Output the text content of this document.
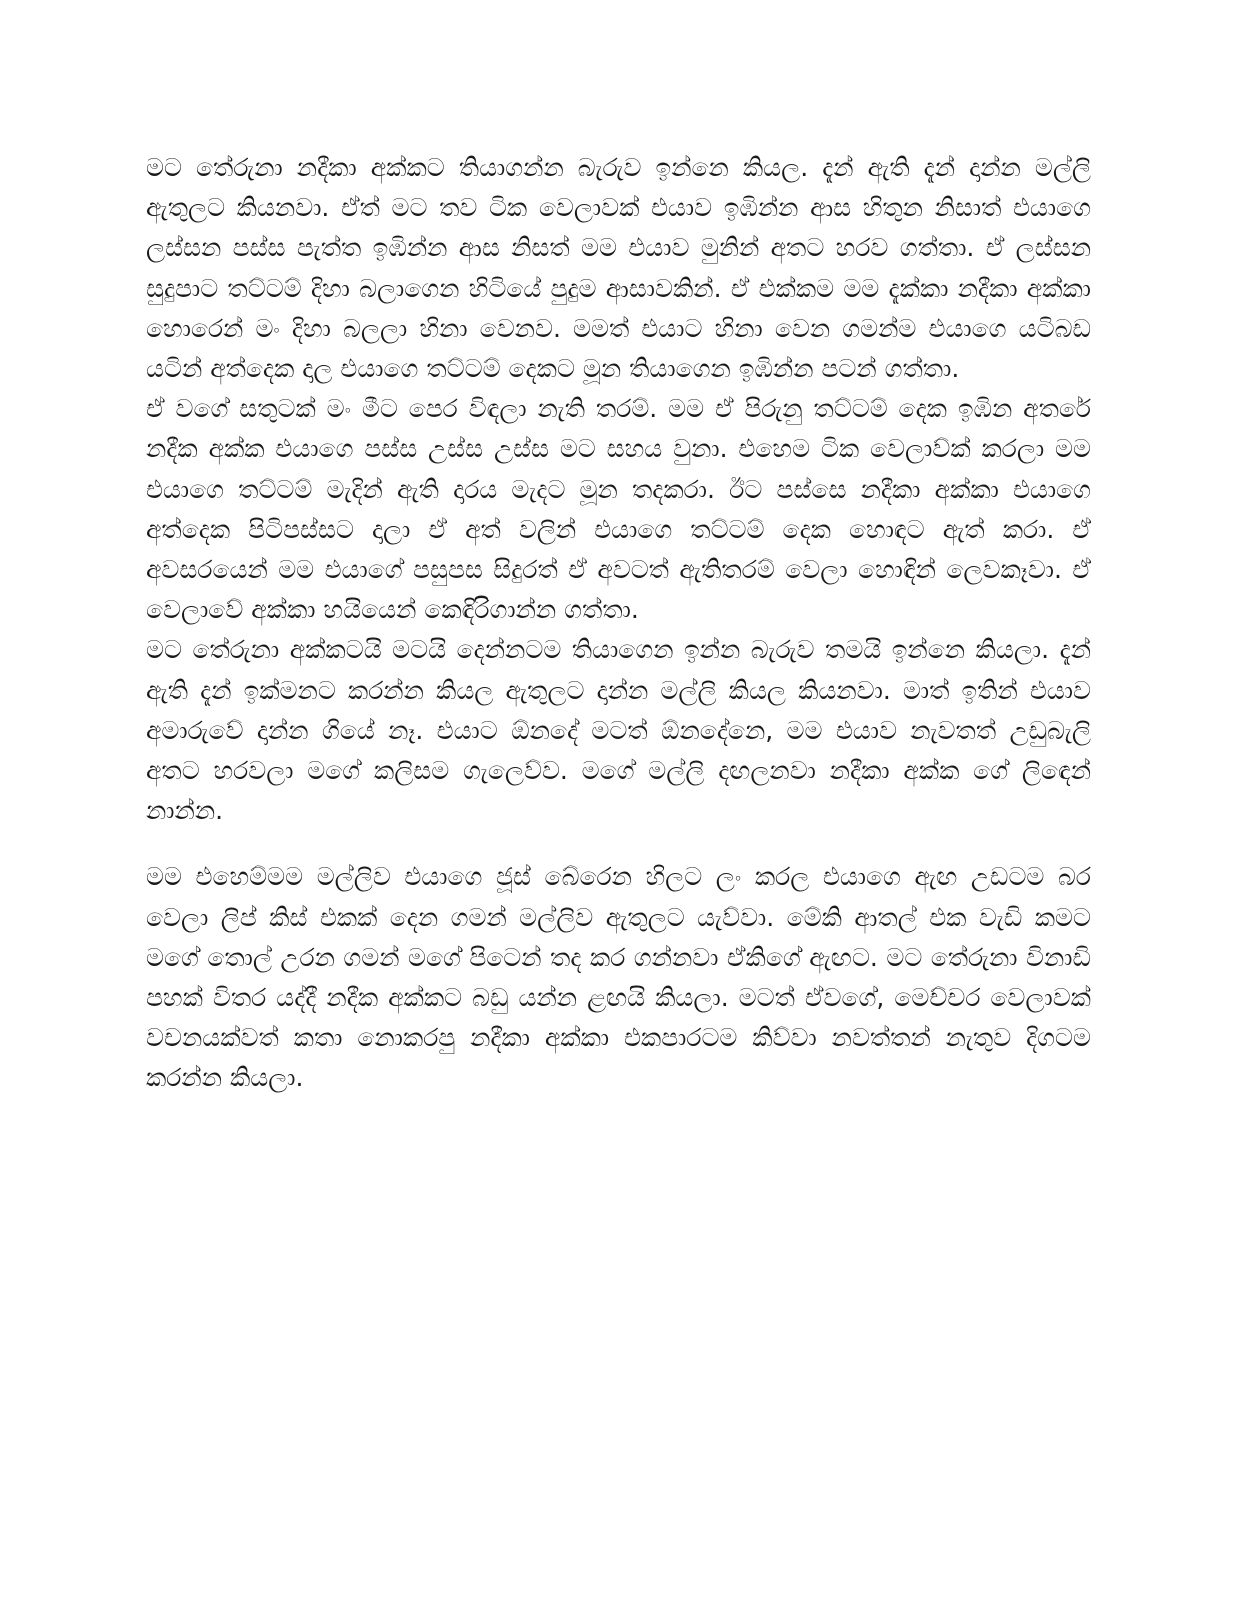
මට තේරුනා නදීකා අක්කට තියාගන්න බැරුව ඉන්නෙ කියල. දැන් ඇති දැන් දාන්න මල්ලි ඇතුලට කියනවා. ඒත් මට තව ටික වෙලාවක් එයාව ඉඹින්න ආස හිතුන නිසාත් එයාගෙ ලස්සන පස්ස පැත්ත ඉඹින්න ආස නිසත් මම එයාව මුනින් අතට හරව ගත්තා. ඒ ලස්සන සුදුපාට තට්ටම් දිහා බලාගෙන හිටියේ පුදුම ආසාවකින්. ඒ එක්කම මම දැක්කා නදීකා අක්කා හොරෙන් මං දිහා බලලා හිනා වෙනව. මමත් එයාට හිනා වෙන ගමන්ම එයාගෙ යටිබඩ යටින් අත්දෙක දාල එයාගෙ තට්ටම් දෙකට මූන තියාගෙන ඉඹින්න පටන් ගත්තා.

ඒ වගේ සතුටක් මං මීට පෙර විඳලා නැති තරම්. මම ඒ පිරුනු තට්ටම් දෙක ඉඹින අතරේ නදීක අක්ක එයාගෙ පස්ස උස්ස උස්ස මට සහය වුනා. එහෙම ටික වෙලාව්ක් කරලා මම එයාගෙ තට්ටම් මැදින් ඇති දාරය මැදට මූන තදකරා. ඊට පස්සෙ නදීකා අක්කා එයාගෙ අත්දෙක පිටිපස්සට දාලා ඒ අත් වලින් එයාගෙ තට්ටම් දෙක හොඳට ඇත් කරා. ඒ අවසරයෙන් මම එයාගේ පසුපස සිදුරත් ඒ අවටත් ඇතිතරම් වෙලා හොඳින් ලෙවකෑවා. ඒ වෙලාවේ අක්කා හයියෙන් කෙඳිරිගාන්න ගත්තා.

මට තේරුනා අක්කටයි මටයි දෙන්නටම තියාගෙන ඉන්න බැරුව තමයි ඉන්නෙ කියලා. දැන් ඇති දැන් ඉක්මනට කරන්න කියල ඇතුලට දාන්න මල්ලි කියල කියනවා. මාත් ඉතින් එයාව අමාරුවේ දාන්න ගියේ නෑ. එයාට ඕනදේ මටත් ඕනදේනෙ, මම එයාව නැවතත් උඩුබැලි අතට හරවලා මගේ කලිසම ගැලෙව්ව. මගේ මල්ලි දඟලනවා නදීකා අක්ක ගේ ලිඳෙන් නාන්න.

මම එහෙම්මම මල්ලිව එයාගෙ ජූස් බේරෙන හිලට ලං කරල එයාගෙ ඇඟ උඩටම බර වෙලා ලිප් කිස් එකක් දෙන ගමන් මල්ලිව ඇතුලට යැව්වා. මේකි ආතල් එක වැඩි කමට මගේ තොල් උරන ගමන් මගේ පිටෙන් තද කර ගන්නවා ඒකිගේ ඇඟට. මට තේරුනා විනාඩි පහක් විතර යද්දී නදීක අක්කට බඩු යන්න ළඟයි කියලා. මටත් ඒවගේ, මෙච්චර වෙලාවක් වචනයක්වත් කතා නොකරපු නදීකා අක්කා එකපාරටම කිව්වා නවත්තන් නැතුව දිගටම කරන්න කියලා.
